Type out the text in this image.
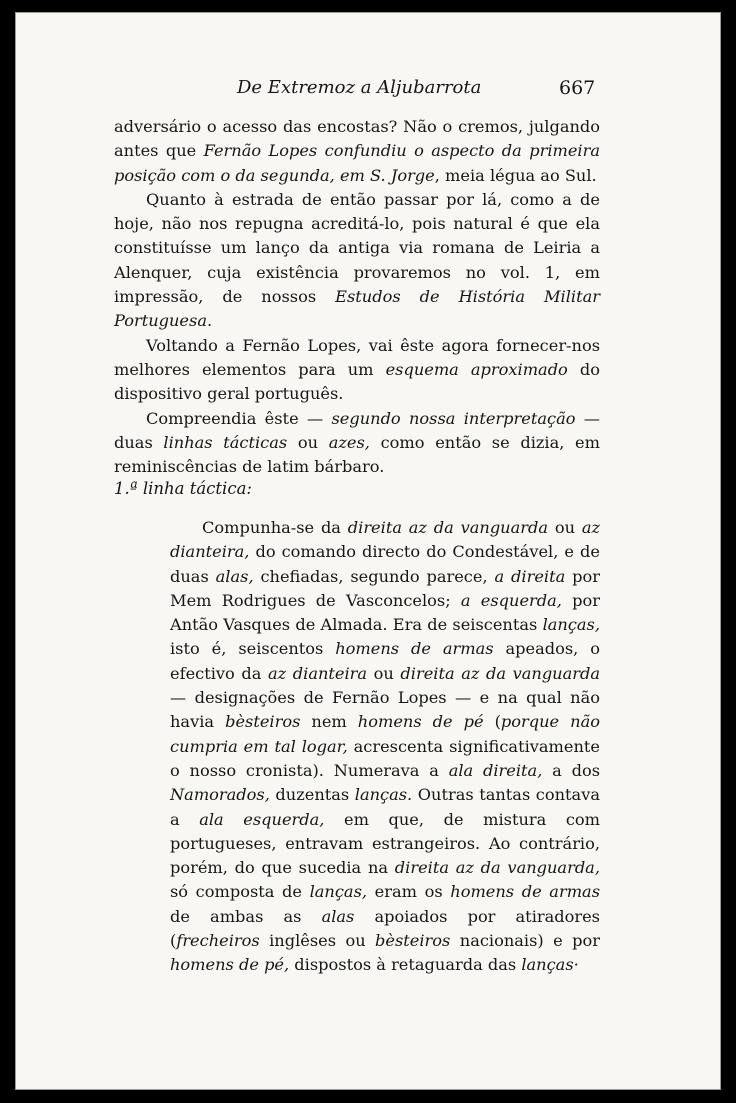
De Extremoz a Aljubarrota	667

adversário o acesso das encostas? Não o cremos, julgando antes que Fernão Lopes confundiu o aspecto da primeira posição com o da segunda, em S. Jorge, meia légua ao Sul.

Quanto à estrada de então passar por lá, como a de hoje, não nos repugna acreditá-lo, pois natural é que ela constituísse um lanço da antiga via romana de Leiria a Alenquer, cuja existência provaremos no vol. 1, em impressão, de nossos Estudos de História Militar Portuguesa.

Voltando a Fernão Lopes, vai êste agora fornecer-nos melhores elementos para um esquema aproximado do dispositivo geral português.

Compreendia êste — segundo nossa interpretação — duas linhas tácticas ou azes, como então se dizia, em reminiscências de latim bárbaro.

1.ª linha táctica:

Compunha-se da direita az da vanguarda ou az dianteira, do comando directo do Condestável, e de duas alas, chefiadas, segundo parece, a direita por Mem Rodrigues de Vasconcelos; a esquerda, por Antão Vasques de Almada. Era de seiscentas lanças, isto é, seiscentos homens de armas apeados, o efectivo da az dianteira ou direita az da vanguarda — designações de Fernão Lopes — e na qual não havia bèsteiros nem homens de pé (porque não cumpria em tal logar, acrescenta significativamente o nosso cronista). Numerava a ala direita, a dos Namorados, duzentas lanças. Outras tantas contava a ala esquerda, em que, de mistura com portugueses, entravam estrangeiros. Ao contrário, porém, do que sucedia na direita az da vanguarda, só composta de lanças, eram os homens de armas de ambas as alas apoiados por atiradores (frecheiros inglêses ou bèsteiros nacionais) e por homens de pé, dispostos à retaguarda das lanças·
